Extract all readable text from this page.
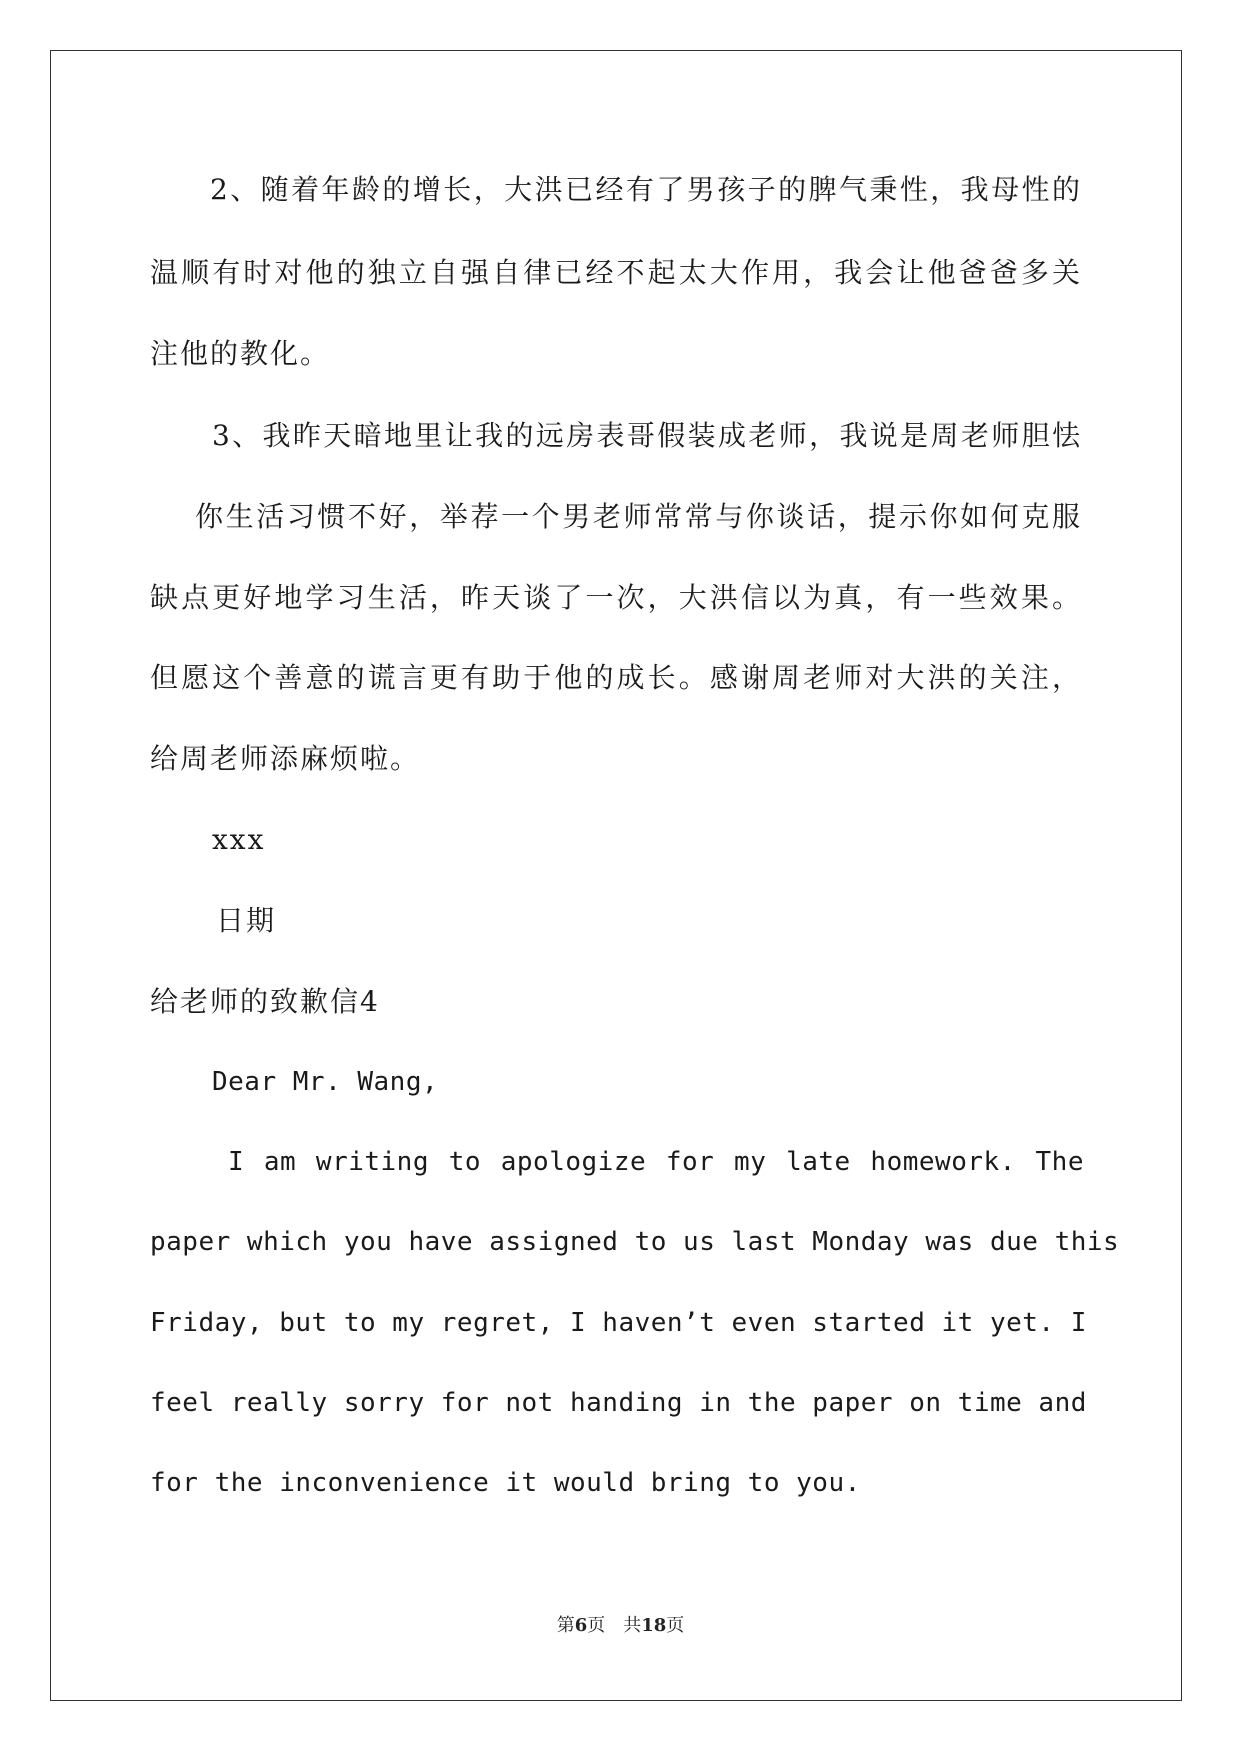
2、随着年龄的增长，大洪已经有了男孩子的脾气秉性，我母性的
温顺有时对他的独立自强自律已经不起太大作用，我会让他爸爸多关
注他的教化。
3、我昨天暗地里让我的远房表哥假装成老师，我说是周老师胆怯
你生活习惯不好，举荐一个男老师常常与你谈话，提示你如何克服
缺点更好地学习生活，昨天谈了一次，大洪信以为真，有一些效果。
但愿这个善意的谎言更有助于他的成长。感谢周老师对大洪的关注，
给周老师添麻烦啦。
xxx
日期
给老师的致歉信4
Dear Mr. Wang,
I am writing to apologize for my late homework. The
paper which you have assigned to us last Monday was due this
Friday, but to my regret, I haven’t even started it yet. I
feel really sorry for not handing in the paper on time and
for the inconvenience it would bring to you.
第6页　共18页
